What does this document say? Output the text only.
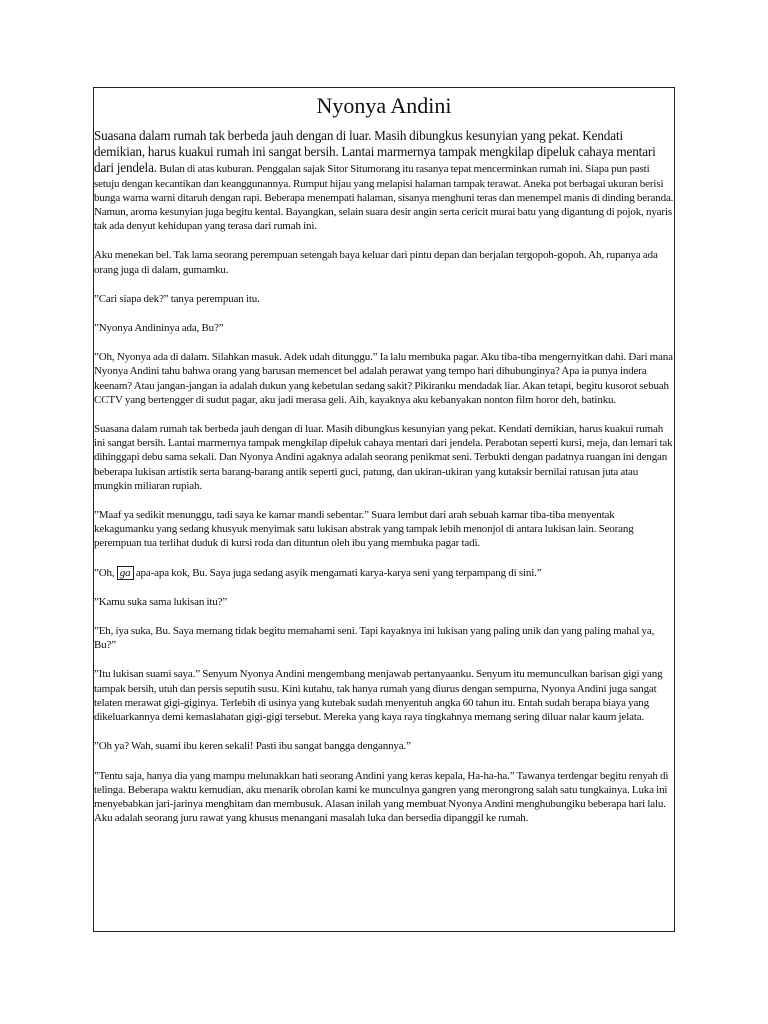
Nyonya Andini

Suasana dalam rumah tak berbeda jauh dengan di luar. Masih dibungkus kesunyian yang pekat. Kendati demikian, harus kuakui rumah ini sangat bersih. Lantai marmernya tampak mengkilap dipeluk cahaya mentari dari jendela. Bulan di atas kuburan. Penggalan sajak Sitor Situmorang itu rasanya tepat mencerminkan rumah ini. Siapa pun pasti setuju dengan kecantikan dan keanggunannya. Rumput hijau yang melapisi halaman tampak terawat. Aneka pot berbagai ukuran berisi bunga warna warni ditaruh dengan rapi. Beberapa menempati halaman, sisanya menghuni teras dan menempel manis di dinding beranda. Namun, aroma kesunyian juga begitu kental. Bayangkan, selain suara desir angin serta cericit murai batu yang digantung di pojok, nyaris tak ada denyut kehidupan yang terasa dari rumah ini.

Aku menekan bel. Tak lama seorang perempuan setengah baya keluar dari pintu depan dan berjalan tergopoh-gopoh. Ah, rupanya ada orang juga di dalam, gumamku.

”Cari siapa dek?” tanya perempuan itu.

”Nyonya Andininya ada, Bu?”

”Oh, Nyonya ada di dalam. Silahkan masuk. Adek udah ditunggu.” Ia lalu membuka pagar. Aku tiba-tiba mengernyitkan dahi. Dari mana Nyonya Andini tahu bahwa orang yang barusan memencet bel adalah perawat yang tempo hari dihubunginya? Apa ia punya indera keenam? Atau jangan-jangan ia adalah dukun yang kebetulan sedang sakit? Pikiranku mendadak liar. Akan tetapi, begitu kusorot sebuah CCTV yang bertengger di sudut pagar, aku jadi merasa geli. Aih, kayaknya aku kebanyakan nonton film horor deh, batinku.

Suasana dalam rumah tak berbeda jauh dengan di luar. Masih dibungkus kesunyian yang pekat. Kendati demikian, harus kuakui rumah ini sangat bersih. Lantai marmernya tampak mengkilap dipeluk cahaya mentari dari jendela. Perabotan seperti kursi, meja, dan lemari tak dihinggapi debu sama sekali. Dan Nyonya Andini agaknya adalah seorang penikmat seni. Terbukti dengan padatnya ruangan ini dengan beberapa lukisan artistik serta barang-barang antik seperti guci, patung, dan ukiran-ukiran yang kutaksir bernilai ratusan juta atau mungkin miliaran rupiah.

”Maaf ya sedikit menunggu, tadi saya ke kamar mandi sebentar.” Suara lembut dari arah sebuah kamar tiba-tiba menyentak kekagumanku yang sedang khusyuk menyimak satu lukisan abstrak yang tampak lebih menonjol di antara lukisan lain. Seorang perempuan tua terlihat duduk di kursi roda dan dituntun oleh ibu yang membuka pagar tadi.

”Oh, ga apa-apa kok, Bu. Saya juga sedang asyik mengamati karya-karya seni yang terpampang di sini.”

”Kamu suka sama lukisan itu?”

”Eh, iya suka, Bu. Saya memang tidak begitu memahami seni. Tapi kayaknya ini lukisan yang paling unik dan yang paling mahal ya, Bu?”

”Itu lukisan suami saya.” Senyum Nyonya Andini mengembang menjawab pertanyaanku. Senyum itu memunculkan barisan gigi yang tampak bersih, utuh dan persis seputih susu. Kini kutahu, tak hanya rumah yang diurus dengan sempurna, Nyonya Andini juga sangat telaten merawat gigi-giginya. Terlebih di usinya yang kutebak sudah menyentuh angka 60 tahun itu. Entah sudah berapa biaya yang dikeluarkannya demi kemaslahatan gigi-gigi tersebut. Mereka yang kaya raya tingkahnya memang sering diluar nalar kaum jelata.

”Oh ya? Wah, suami ibu keren sekali! Pasti ibu sangat bangga dengannya.”

”Tentu saja, hanya dia yang mampu melunakkan hati seorang Andini yang keras kepala, Ha-ha-ha.” Tawanya terdengar begitu renyah di telinga. Beberapa waktu kemudian, aku menarik obrolan kami ke munculnya gangren yang merongrong salah satu tungkainya. Luka ini menyebabkan jari-jarinya menghitam dan membusuk. Alasan inilah yang membuat Nyonya Andini menghubungiku beberapa hari lalu. Aku adalah seorang juru rawat yang khusus menangani masalah luka dan bersedia dipanggil ke rumah.
